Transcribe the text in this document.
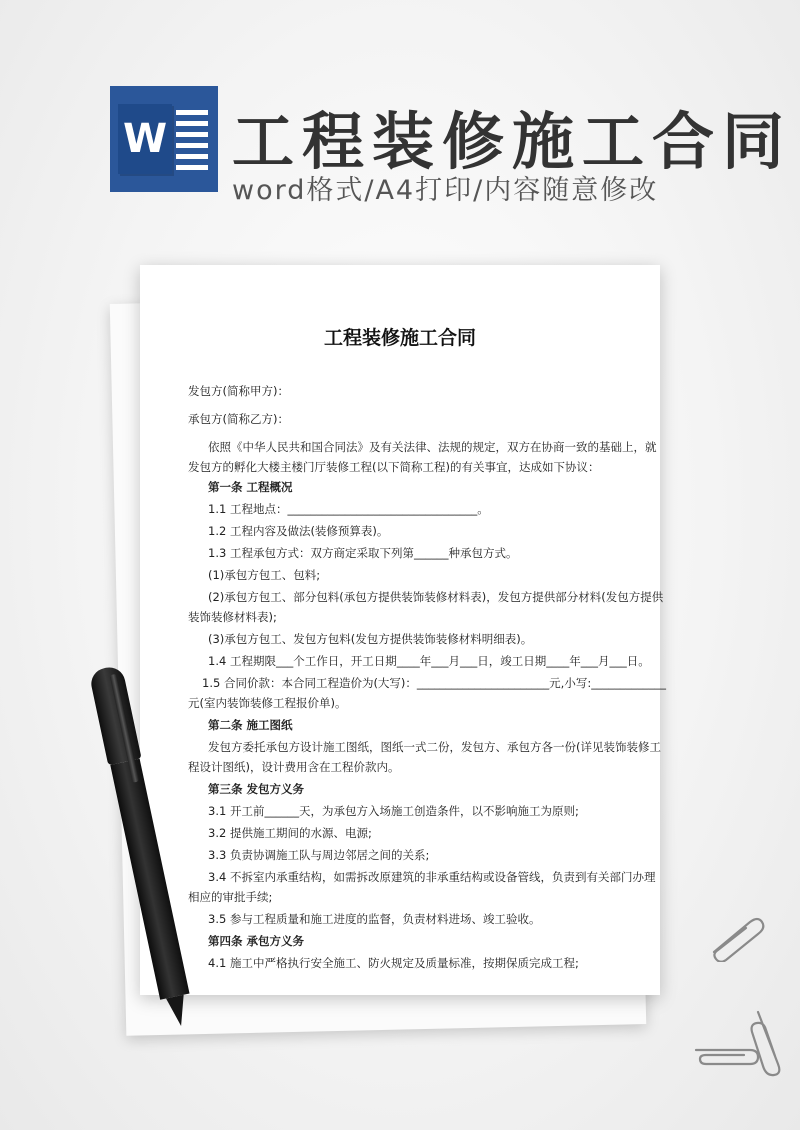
W 工程装修施工合同
word格式/A4打印/内容随意修改
工程装修施工合同
发包方(简称甲方)：
承包方(简称乙方)：
依照《中华人民共和国合同法》及有关法律、法规的规定，双方在协商一致的基础上，就
发包方的孵化大楼主楼门厅装修工程(以下简称工程)的有关事宜，达成如下协议：
第一条 工程概况
1.1 工程地点：_________________________________。
1.2 工程内容及做法(装修预算表)。
1.3 工程承包方式：双方商定采取下列第______种承包方式。
(1)承包方包工、包料;
(2)承包方包工、部分包料(承包方提供装饰装修材料表)，发包方提供部分材料(发包方提供
装饰装修材料表);
(3)承包方包工、发包方包料(发包方提供装饰装修材料明细表)。
1.4 工程期限___个工作日，开工日期____年___月___日，竣工日期____年___月___日。
1.5 合同价款：本合同工程造价为(大写)：_______________________元,小写:_____________
元(室内装饰装修工程报价单)。
第二条 施工图纸
发包方委托承包方设计施工图纸，图纸一式二份，发包方、承包方各一份(详见装饰装修工
程设计图纸)，设计费用含在工程价款内。
第三条 发包方义务
3.1 开工前______天，为承包方入场施工创造条件，以不影响施工为原则;
3.2 提供施工期间的水源、电源;
3.3 负责协调施工队与周边邻居之间的关系;
3.4 不拆室内承重结构，如需拆改原建筑的非承重结构或设备管线，负责到有关部门办理
相应的审批手续;
3.5 参与工程质量和施工进度的监督，负责材料进场、竣工验收。
第四条 承包方义务
4.1 施工中严格执行安全施工、防火规定及质量标准，按期保质完成工程;
